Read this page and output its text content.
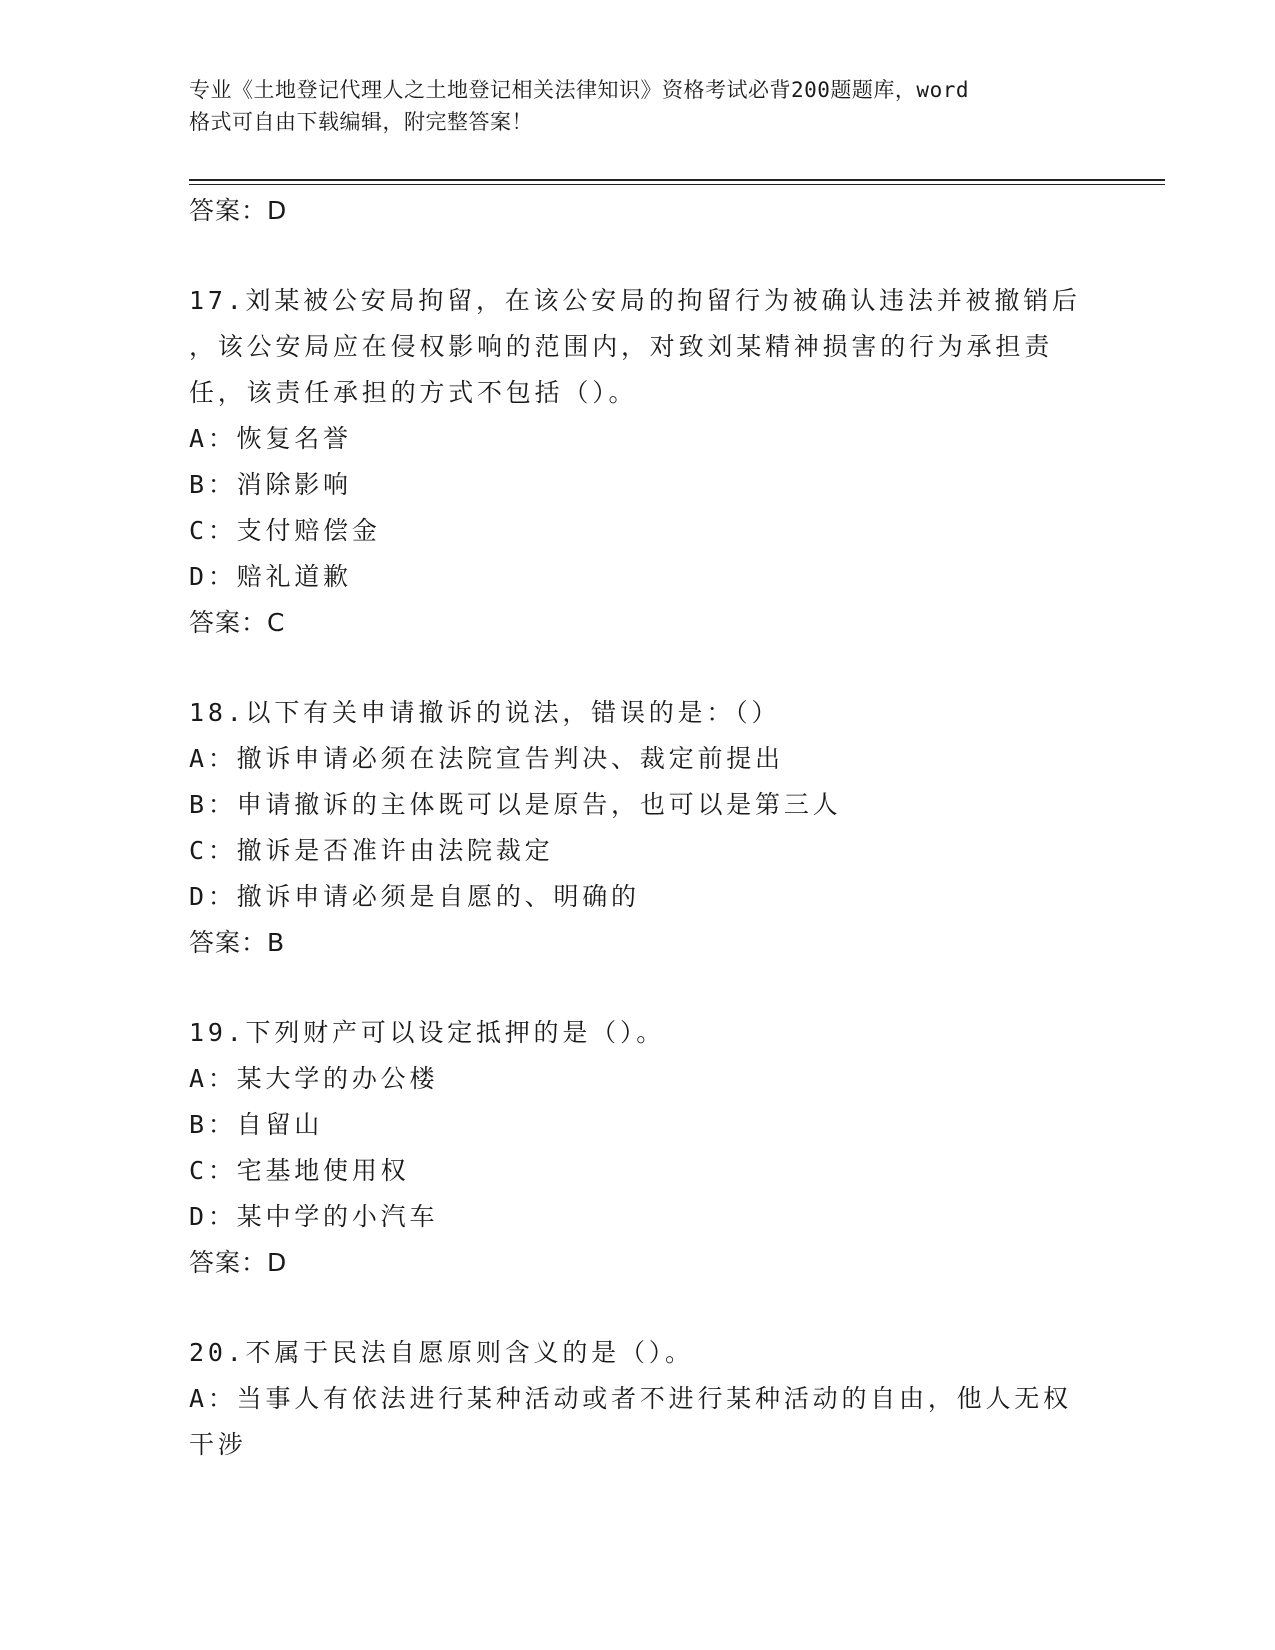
专业《土地登记代理人之土地登记相关法律知识》资格考试必背200题题库，word
格式可自由下载编辑，附完整答案！
答案：D
17.刘某被公安局拘留，在该公安局的拘留行为被确认违法并被撤销后
，该公安局应在侵权影响的范围内，对致刘某精神损害的行为承担责
任，该责任承担的方式不包括（）。
A：恢复名誉
B：消除影响
C：支付赔偿金
D：赔礼道歉
答案：C
18.以下有关申请撤诉的说法，错误的是：（）
A：撤诉申请必须在法院宣告判决、裁定前提出
B：申请撤诉的主体既可以是原告，也可以是第三人
C：撤诉是否准许由法院裁定
D：撤诉申请必须是自愿的、明确的
答案：B
19.下列财产可以设定抵押的是（）。
A：某大学的办公楼
B：自留山
C：宅基地使用权
D：某中学的小汽车
答案：D
20.不属于民法自愿原则含义的是（）。
A：当事人有依法进行某种活动或者不进行某种活动的自由，他人无权
干涉
